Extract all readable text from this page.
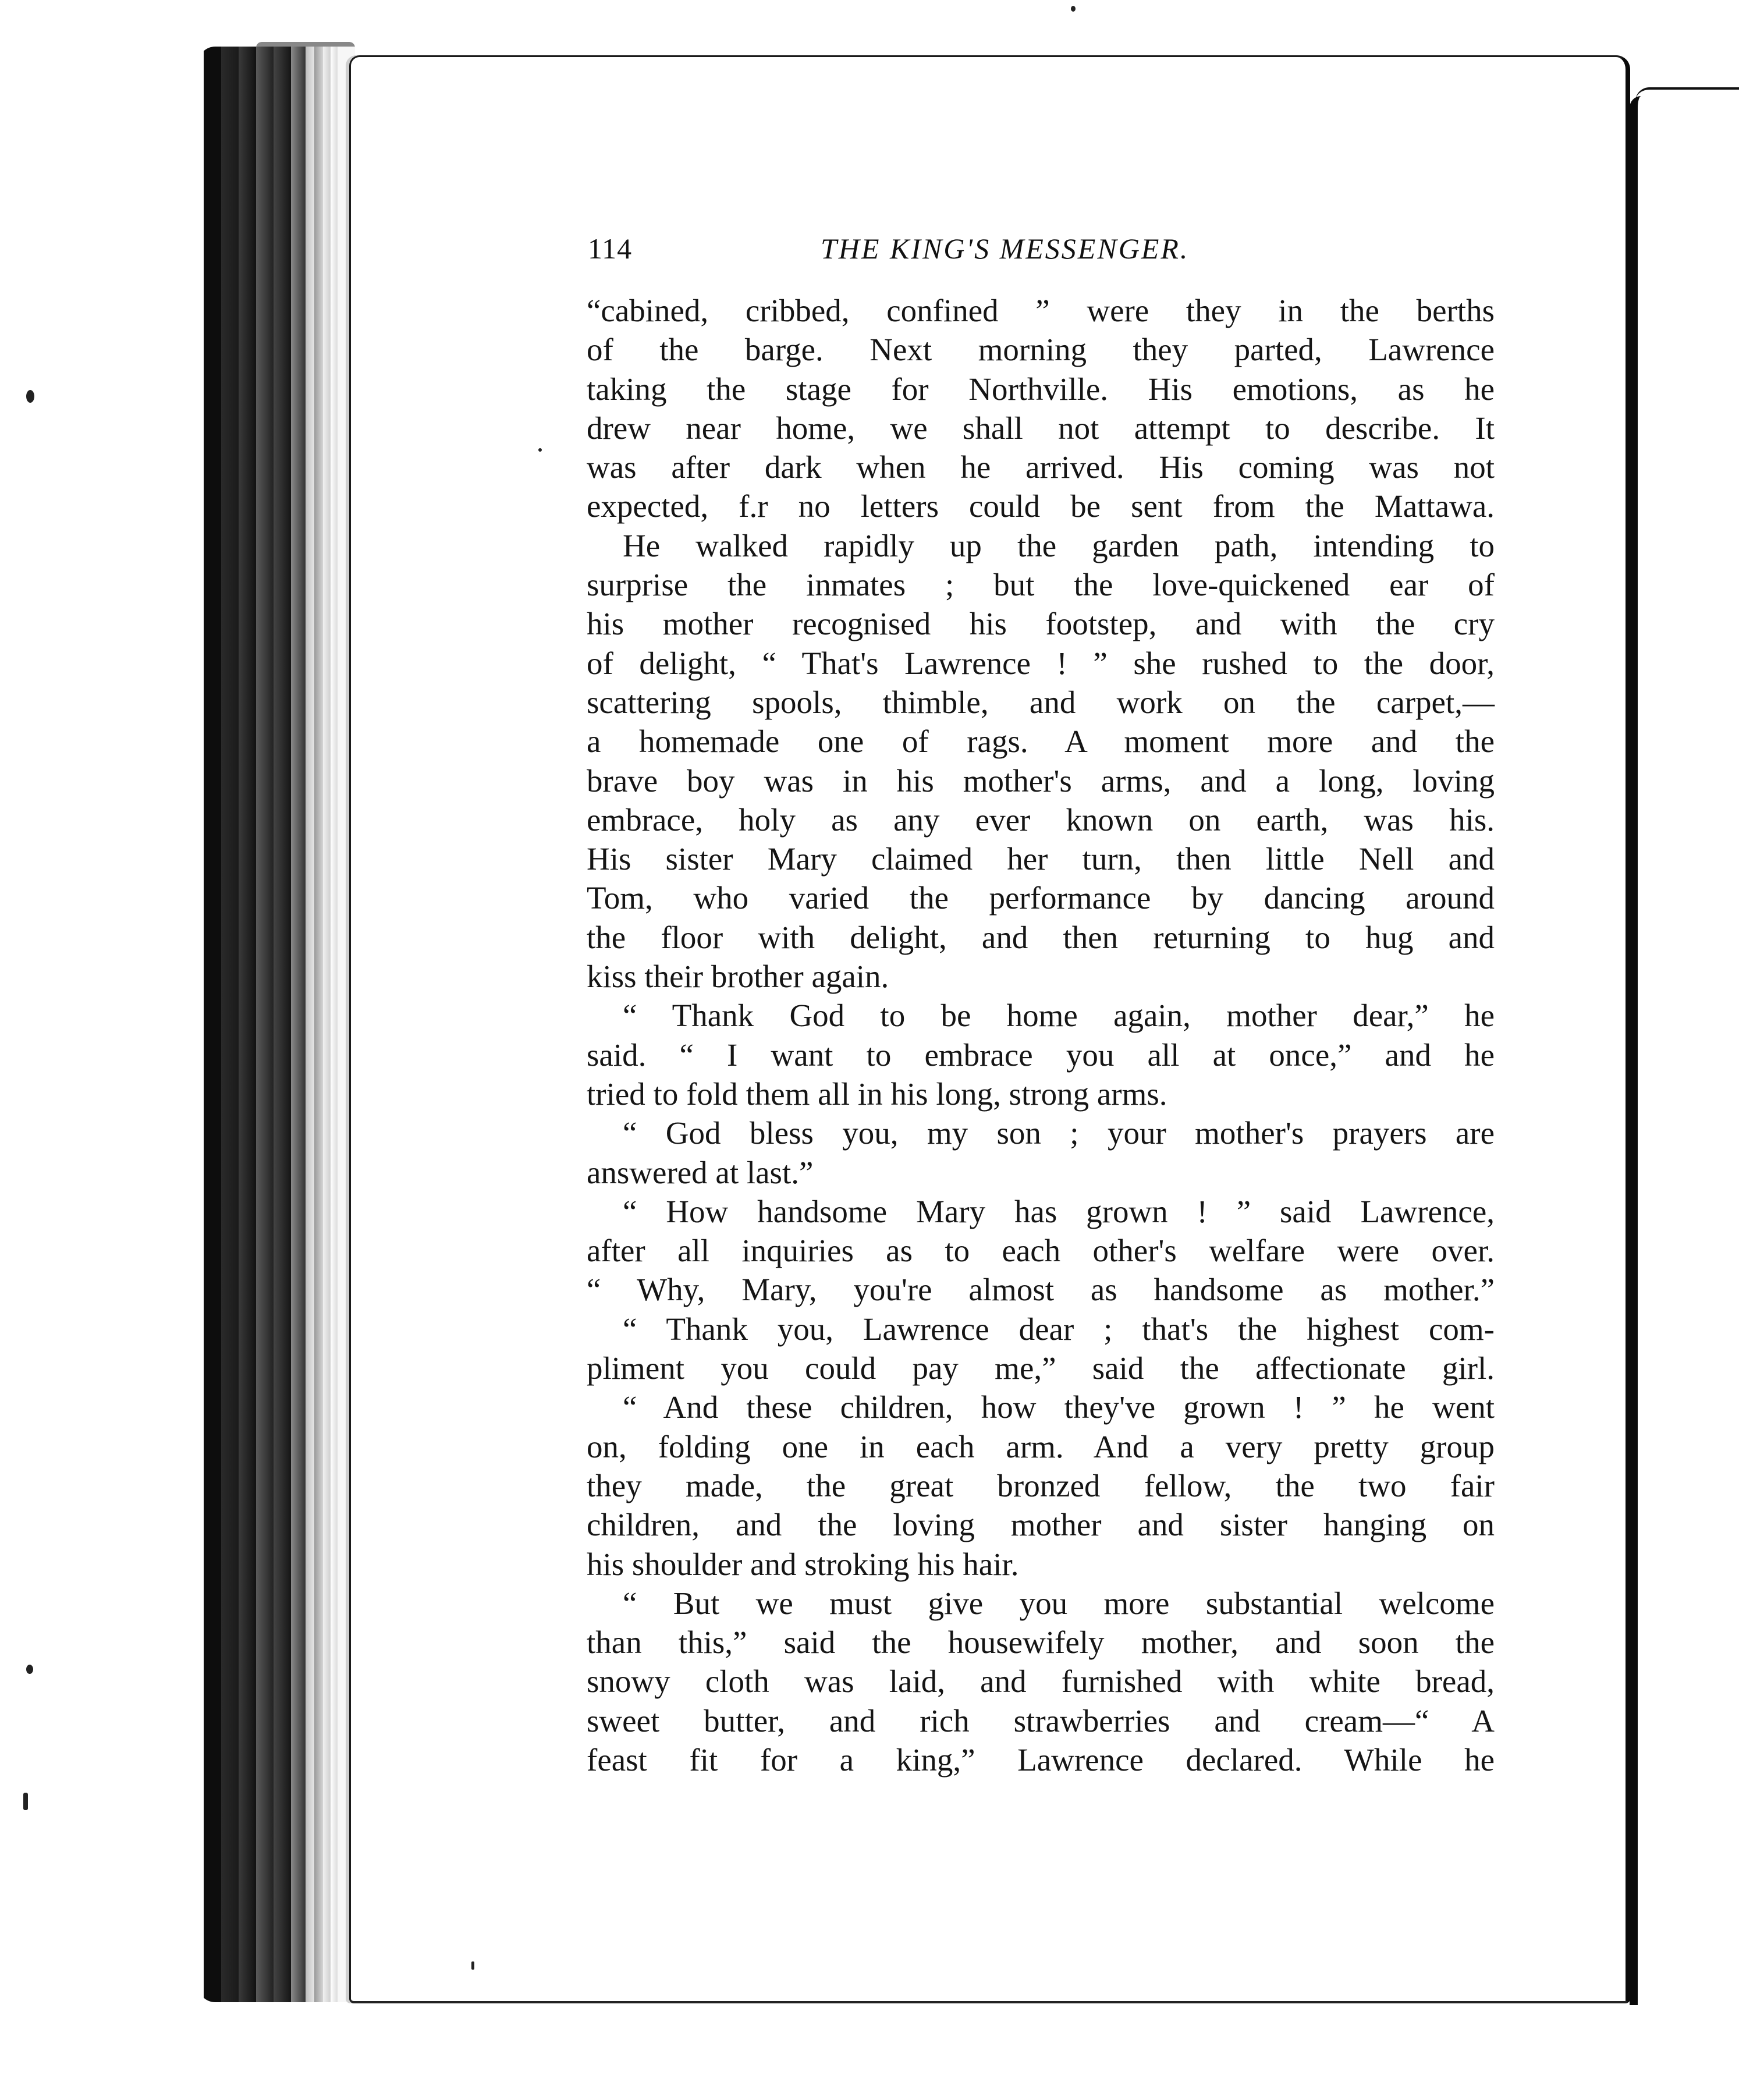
114	THE KING'S MESSENGER.
“cabined, cribbed, confined ” were they in the berths
of the barge. Next morning they parted, Lawrence
taking the stage for Northville. His emotions, as he
drew near home, we shall not attempt to describe. It
was after dark when he arrived. His coming was not
expected, f.r no letters could be sent from the Mattawa.
He walked rapidly up the garden path, intending to
surprise the inmates ; but the love-quickened ear of
his mother recognised his footstep, and with the cry
of delight, “ That's Lawrence ! ” she rushed to the door,
scattering spools, thimble, and work on the carpet,—
a homemade one of rags. A moment more and the
brave boy was in his mother's arms, and a long, loving
embrace, holy as any ever known on earth, was his.
His sister Mary claimed her turn, then little Nell and
Tom, who varied the performance by dancing around
the floor with delight, and then returning to hug and
kiss their brother again.
“ Thank God to be home again, mother dear,” he
said. “ I want to embrace you all at once,” and he
tried to fold them all in his long, strong arms.
“ God bless you, my son ; your mother's prayers are
answered at last.”
“ How handsome Mary has grown ! ” said Lawrence,
after all inquiries as to each other's welfare were over.
“ Why, Mary, you're almost as handsome as mother.”
“ Thank you, Lawrence dear ; that's the highest com-
pliment you could pay me,” said the affectionate girl.
“ And these children, how they've grown ! ” he went
on, folding one in each arm. And a very pretty group
they made, the great bronzed fellow, the two fair
children, and the loving mother and sister hanging on
his shoulder and stroking his hair.
“ But we must give you more substantial welcome
than this,” said the housewifely mother, and soon the
snowy cloth was laid, and furnished with white bread,
sweet butter, and rich strawberries and cream—“ A
feast fit for a king,” Lawrence declared. While he
